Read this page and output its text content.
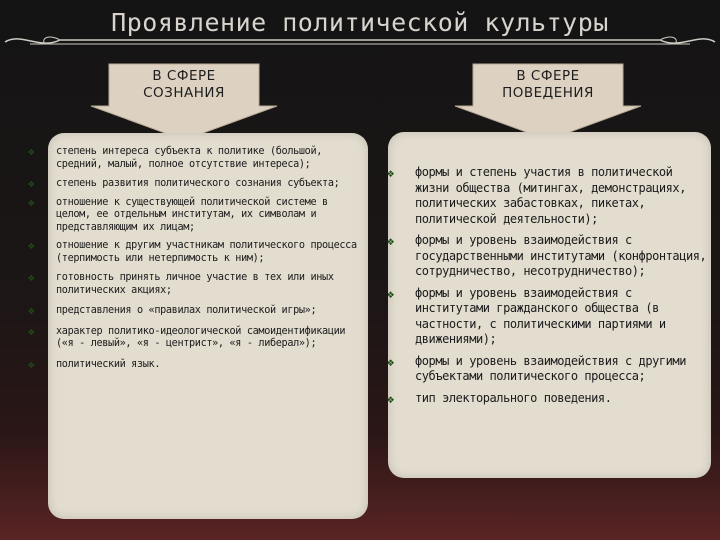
Проявление политической культуры
В СФЕРЕ
СОЗНАНИЯ
В СФЕРЕ
ПОВЕДЕНИЯ
❖ степень интереса субъекта к политике (большой, средний, малый, полное отсутствие интереса);
❖ степень развития политического сознания субъекта;
❖ отношение к существующей политической системе в целом, ее отдельным институтам, их символам и представляющим их лицам;
❖ отношение к другим участникам политического процесса (терпимость или нетерпимость к ним);
❖ готовность принять личное участие в тех или иных политических акциях;
❖ представления о «правилах политической игры»;
❖ характер политико-идеологической самоидентификации («я - левый», «я - центрист», «я - либерал»);
❖ политический язык.
❖ формы и степень участия в политической жизни общества (митингах, демонстрациях, политических забастовках, пикетах, политической деятельности);
❖ формы и уровень взаимодействия с государственными институтами (конфронтация, сотрудничество, несотрудничество);
❖ формы и уровень взаимодействия с институтами гражданского общества (в частности, с политическими партиями и движениями);
❖ формы и уровень взаимодействия с другими субъектами политического процесса;
❖ тип электорального поведения.
